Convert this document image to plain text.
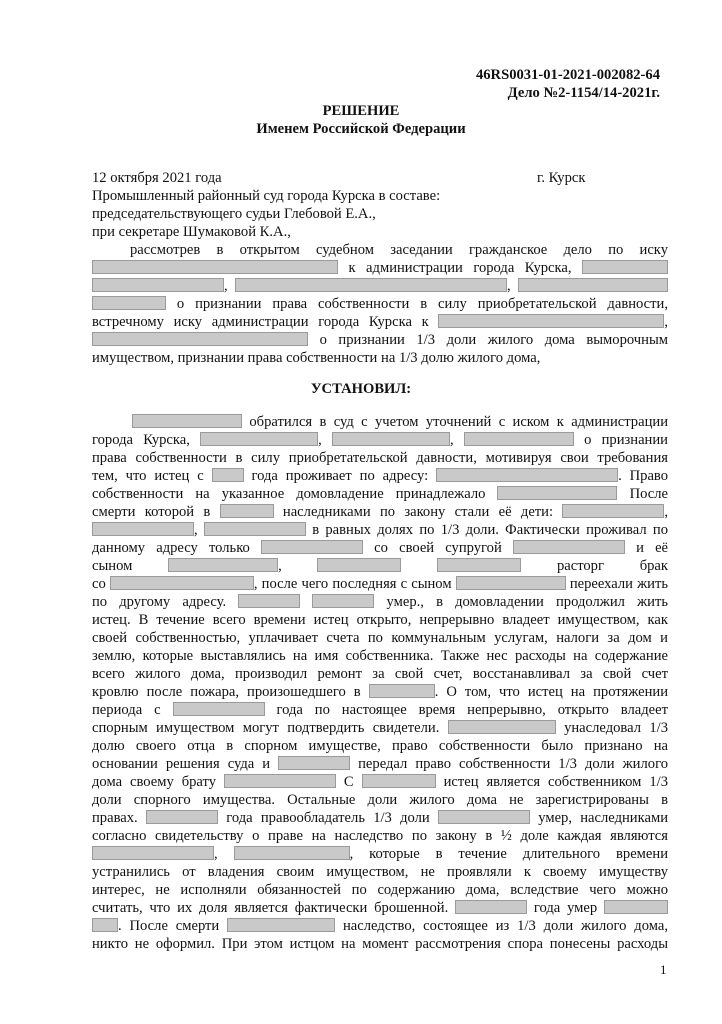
46RS0031-01-2021-002082-64
Дело №2-1154/14-2021г.
РЕШЕНИЕ
Именем Российской Федерации
12 октября 2021 года	г. Курск
Промышленный районный суд города Курска в составе:
председательствующего судьи Глебовой Е.А.,
при секретаре Шумаковой К.А.,
рассмотрев в открытом судебном заседании гражданское дело по иску
к администрации города Курска,
,	,
о признании права собственности в силу приобретательской давности,
встречному иску администрации города Курска к	,
о признании 1/3 доли жилого дома выморочным
имуществом, признании права собственности на 1/3 долю жилого дома,
УСТАНОВИЛ:
обратился в суд с учетом уточнений с иском к администрации
города Курска,	,	,	о признании
права собственности в силу приобретательской давности, мотивируя свои требования
тем, что истец с	года проживает по адресу:	. Право
собственности на указанное домовладение принадлежало	После
смерти которой в	наследниками по закону стали её дети:	,
,	в равных долях по 1/3 доли. Фактически проживал по
данному адресу только	со своей супругой	и её
сыном	,	расторг брак
со	, после чего последняя с сыном	переехали жить
по другому адресу.	умер., в домовладении продолжил жить
истец. В течение всего времени истец открыто, непрерывно владеет имуществом, как
своей собственностью, уплачивает счета по коммунальным услугам, налоги за дом и
землю, которые выставлялись на имя собственника. Также нес расходы на содержание
всего жилого дома, производил ремонт за свой счет, восстанавливал за свой счет
кровлю после пожара, произошедшего в	. О том, что истец на протяжении
периода с	года по настоящее время непрерывно, открыто владеет
спорным имуществом могут подтвердить свидетели.	унаследовал 1/3
долю своего отца в спорном имуществе, право собственности было признано на
основании решения суда и	передал право собственности 1/3 доли жилого
дома своему брату	С	истец является собственником 1/3
доли спорного имущества. Остальные доли жилого дома не зарегистрированы в
правах.	года правообладатель 1/3 доли	умер, наследниками
согласно свидетельству о праве на наследство по закону в ½ доле каждая являются
,	, которые в течение длительного времени
устранились от владения своим имуществом, не проявляли к своему имуществу
интерес, не исполняли обязанностей по содержанию дома, вследствие чего можно
считать, что их доля является фактически брошенной.	года умер
. После смерти	наследство, состоящее из 1/3 доли жилого дома,
никто не оформил. При этом истцом на момент рассмотрения спора понесены расходы
1
